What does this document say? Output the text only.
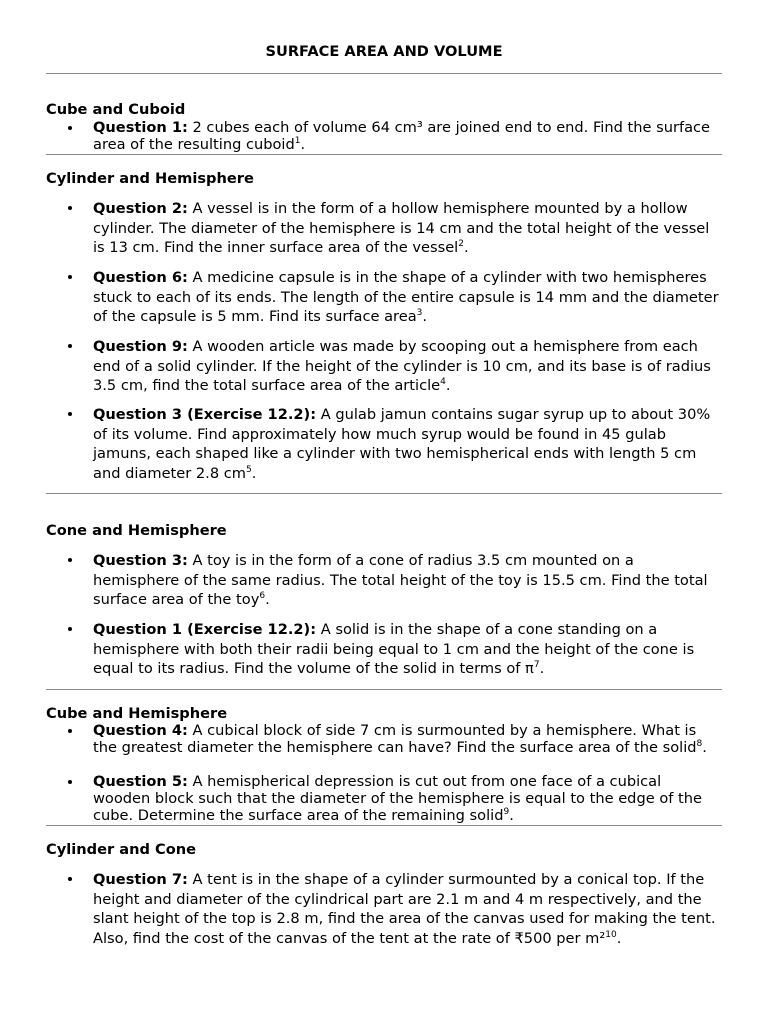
SURFACE AREA AND VOLUME
Cube and Cuboid

Question 1: 2 cubes each of volume 64 cm³ are joined end to end. Find the surface area of the resulting cuboid$^1$.

Cylinder and Hemisphere

Question 2: A vessel is in the form of a hollow hemisphere mounted by a hollow cylinder. The diameter of the hemisphere is 14 cm and the total height of the vessel is 13 cm. Find the inner surface area of the vessel$^2$.

Question 6: A medicine capsule is in the shape of a cylinder with two hemispheres stuck to each of its ends. The length of the entire capsule is 14 mm and the diameter of the capsule is 5 mm. Find its surface area$^3$.

Question 9: A wooden article was made by scooping out a hemisphere from each end of a solid cylinder. If the height of the cylinder is 10 cm, and its base is of radius 3.5 cm, find the total surface area of the article$^4$.

Question 3 (Exercise 12.2): A gulab jamun contains sugar syrup up to about 30% of its volume. Find approximately how much syrup would be found in 45 gulab jamuns, each shaped like a cylinder with two hemispherical ends with length 5 cm and diameter 2.8 $cm^5$.

Cone and Hemisphere

Question 3: A toy is in the form of a cone of radius 3.5 cm mounted on a hemisphere of the same radius. The total height of the toy is 15.5 cm. Find the total surface area of the toy$^6$.

Question 1 (Exercise 12.2): A solid is in the shape of a cone standing on a hemisphere with both their radii being equal to 1 cm and the height of the cone is equal to its radius. Find the volume of the solid in terms of $\pi^7$.

Cube and Hemisphere

Question 4: A cubical block of side 7 cm is surmounted by a hemisphere. What is the greatest diameter the hemisphere can have? Find the surface area of the solid$^8$.

Question 5: A hemispherical depression is cut out from one face of a cubical wooden block such that the diameter of the hemisphere is equal to the edge of the cube. Determine the surface area of the remaining solid$^9$.

Cylinder and Cone

Question 7: A tent is in the shape of a cylinder surmounted by a conical top. If the height and diameter of the cylindrical part are 2.1 m and 4 m respectively, and the slant height of the top is 2.8 m, find the area of the canvas used for making the tent. Also, find the cost of the canvas of the tent at the rate of ₹500 per m²$^{10}$.
